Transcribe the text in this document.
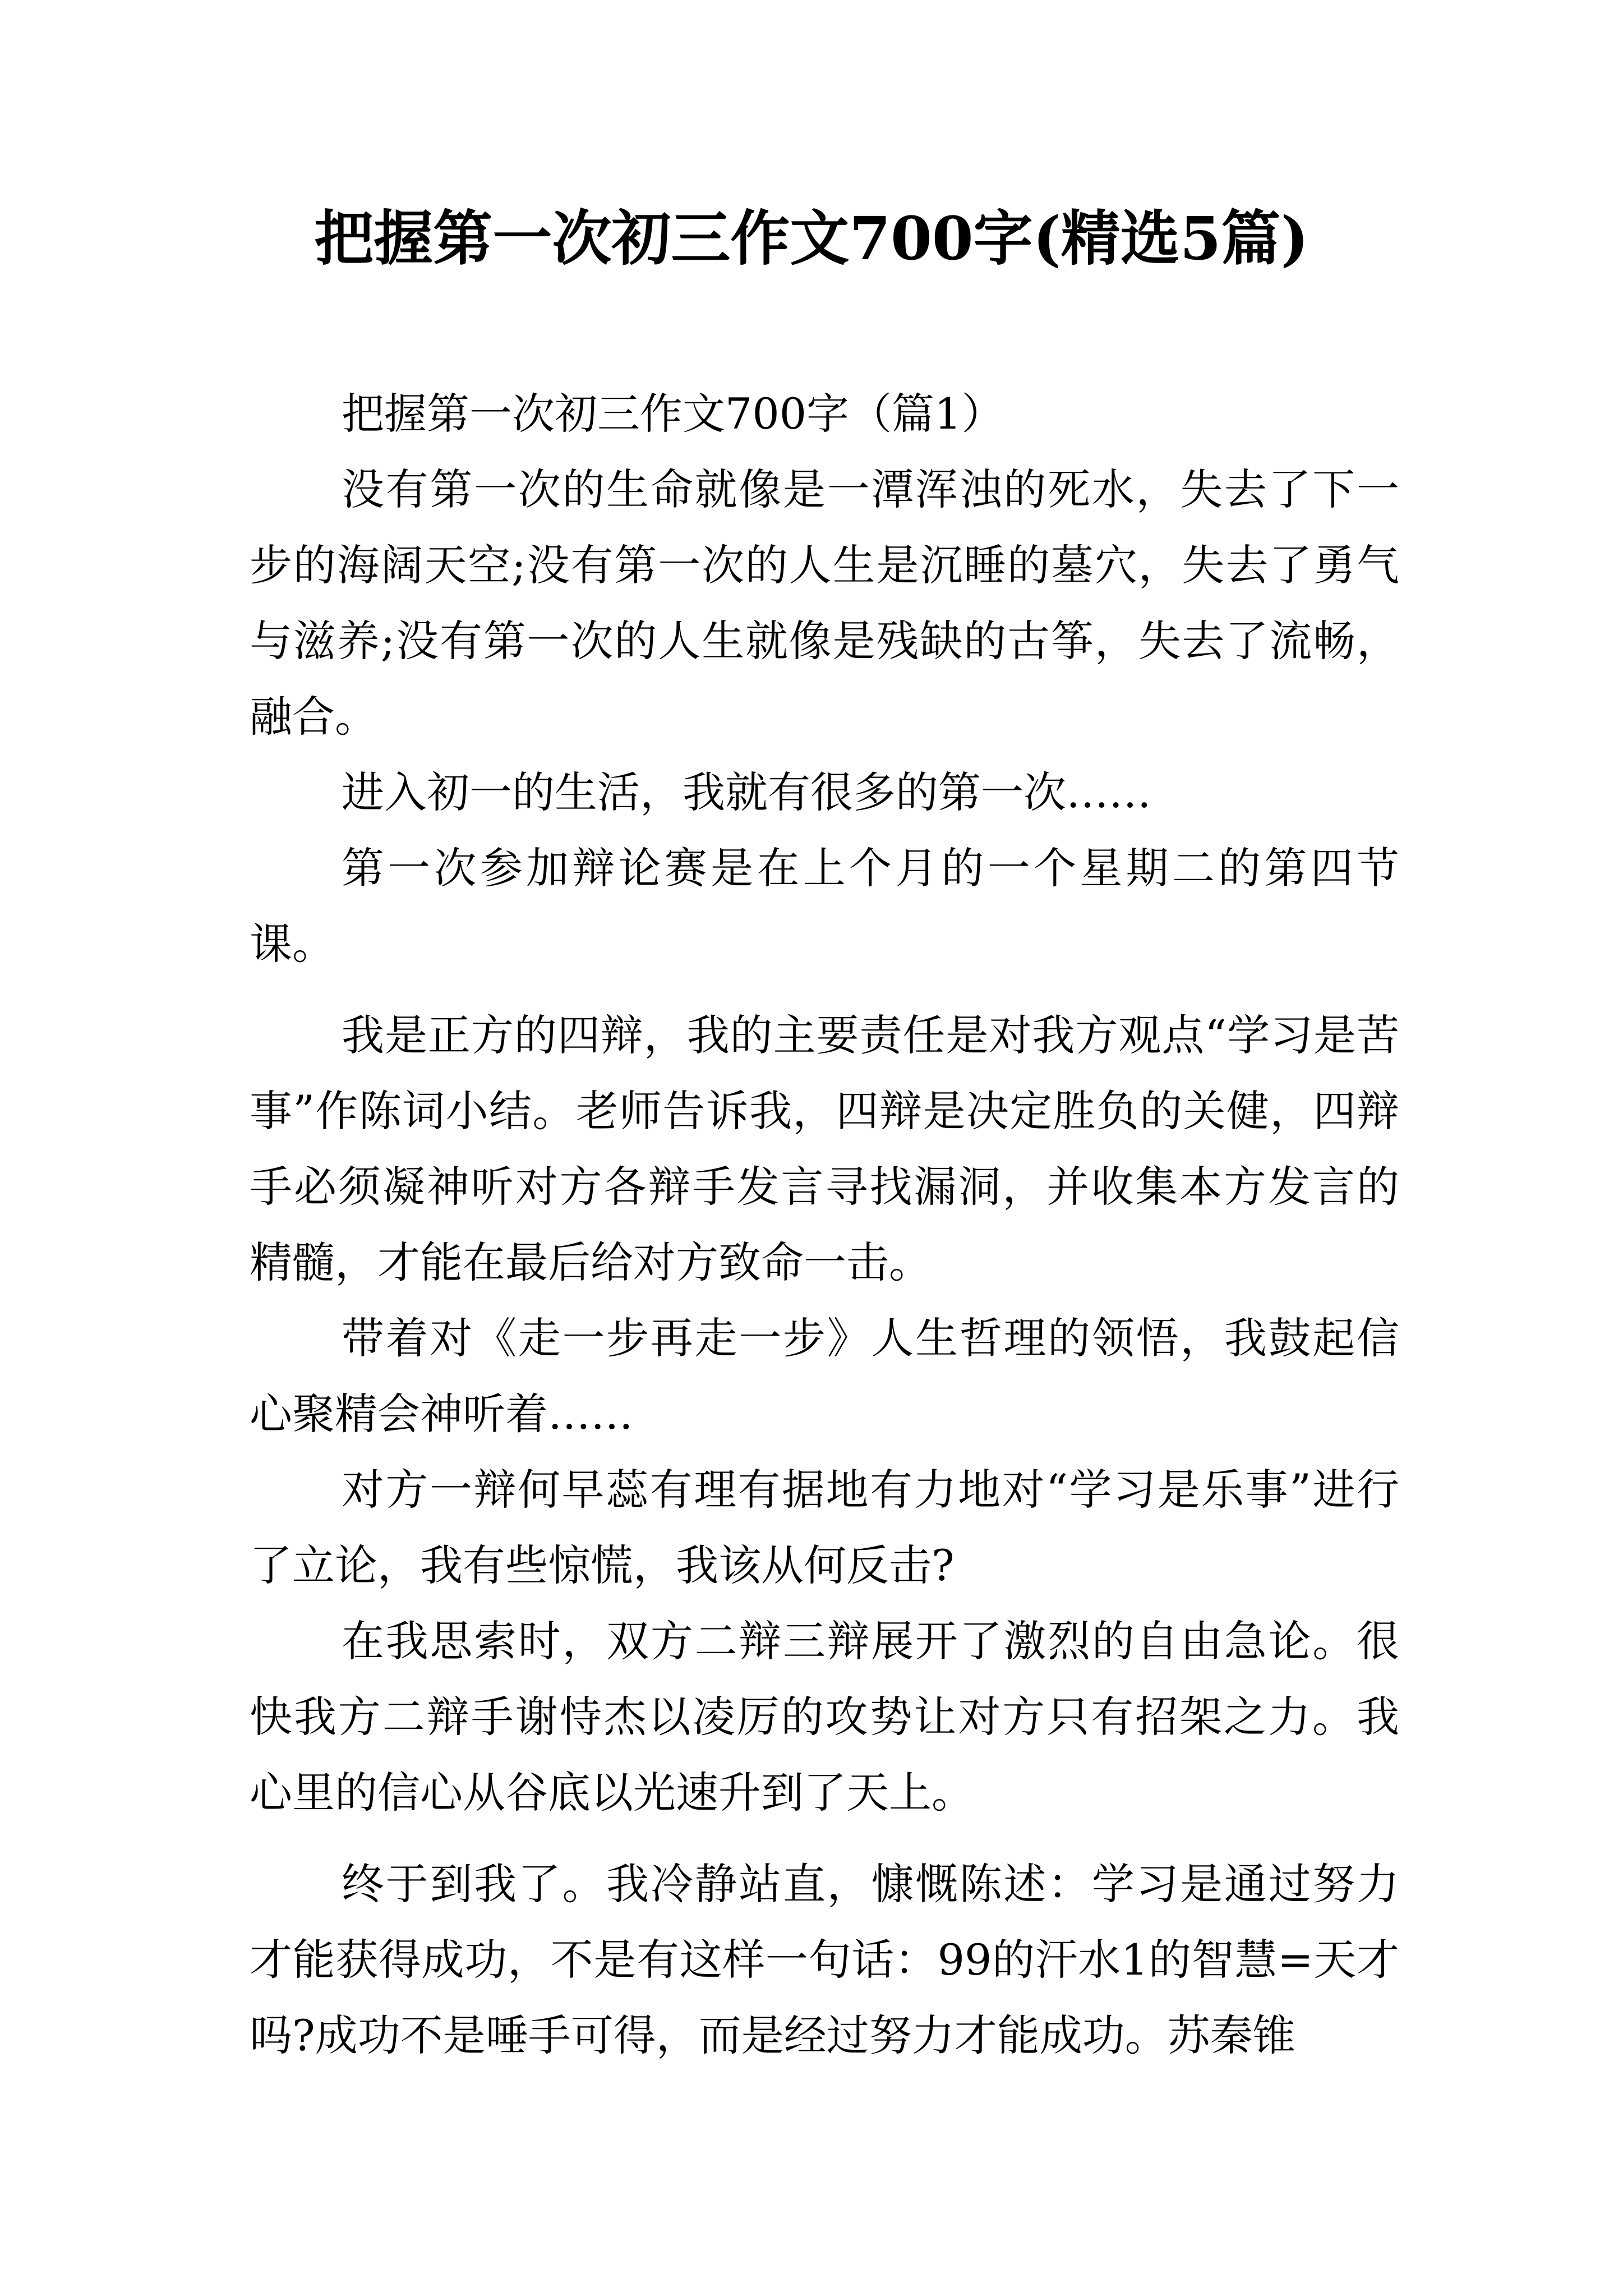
把握第一次初三作文700字(精选5篇)

把握第一次初三作文700字（篇1）

没有第一次的生命就像是一潭浑浊的死水，失去了下一步的海阔天空;没有第一次的人生是沉睡的墓穴，失去了勇气与滋养;没有第一次的人生就像是残缺的古筝，失去了流畅，融合。

进入初一的生活，我就有很多的第一次……

第一次参加辩论赛是在上个月的一个星期二的第四节课。

我是正方的四辩，我的主要责任是对我方观点“学习是苦事”作陈词小结。老师告诉我，四辩是决定胜负的关健，四辩手必须凝神听对方各辩手发言寻找漏洞，并收集本方发言的精髓，才能在最后给对方致命一击。

带着对《走一步再走一步》人生哲理的领悟，我鼓起信心聚精会神听着……

对方一辩何早蕊有理有据地有力地对“学习是乐事”进行了立论，我有些惊慌，我该从何反击?

在我思索时，双方二辩三辩展开了激烈的自由急论。很快我方二辩手谢恃杰以凌厉的攻势让对方只有招架之力。我心里的信心从谷底以光速升到了天上。

终于到我了。我冷静站直，慷慨陈述：学习是通过努力才能获得成功，不是有这样一句话：99的汗水1的智慧=天才吗?成功不是唾手可得，而是经过努力才能成功。苏秦锥
